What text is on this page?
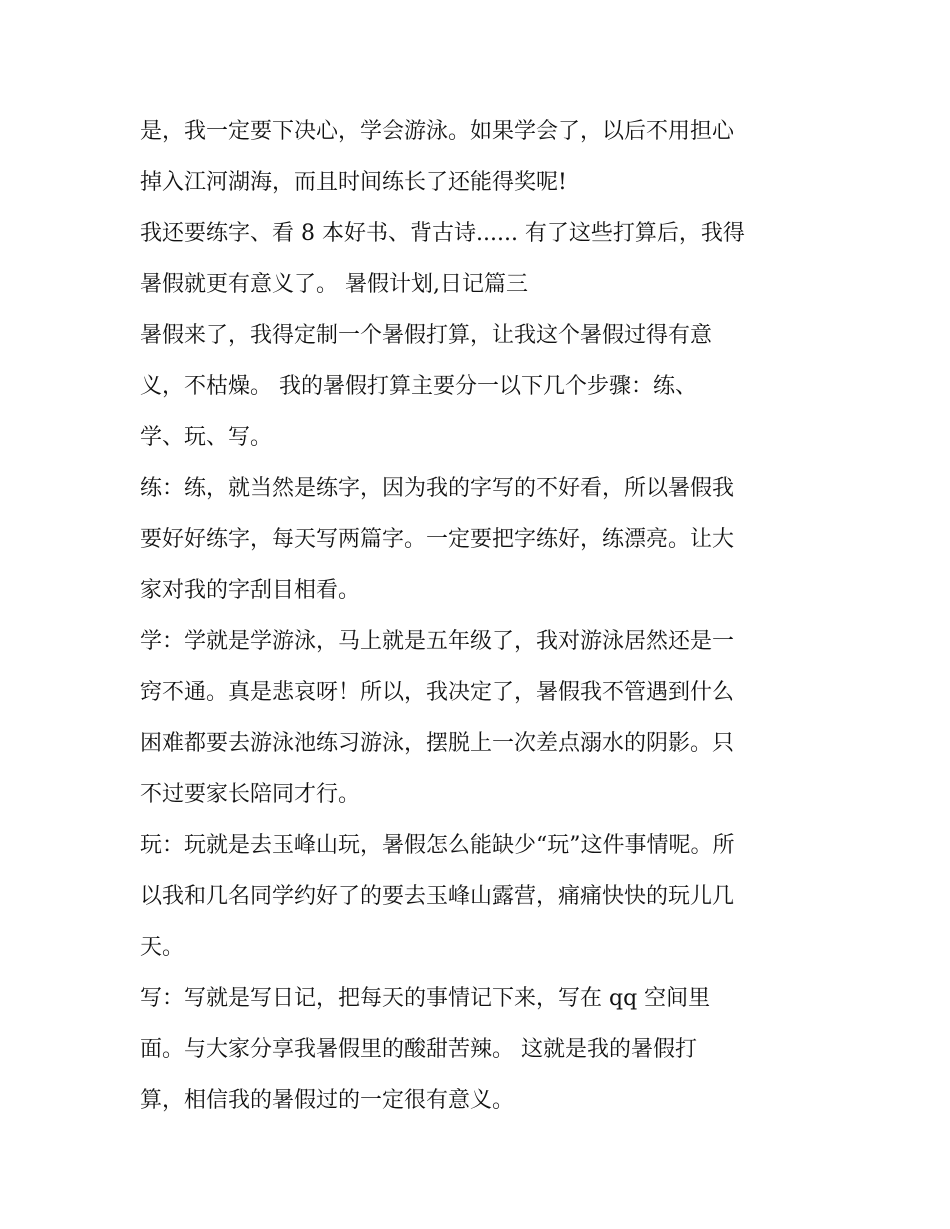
是，我一定要下决心，学会游泳。如果学会了，以后不用担心
掉入江河湖海，而且时间练长了还能得奖呢!
我还要练字、看 8 本好书、背古诗...... 有了这些打算后，我得
暑假就更有意义了。 暑假计划,日记篇三
暑假来了，我得定制一个暑假打算，让我这个暑假过得有意
义，不枯燥。 我的暑假打算主要分一以下几个步骤：练、
学、玩、写。
练：练，就当然是练字，因为我的字写的不好看，所以暑假我
要好好练字，每天写两篇字。一定要把字练好，练漂亮。让大
家对我的字刮目相看。
学：学就是学游泳，马上就是五年级了，我对游泳居然还是一
窍不通。真是悲哀呀！所以，我决定了，暑假我不管遇到什么
困难都要去游泳池练习游泳，摆脱上一次差点溺水的阴影。只
不过要家长陪同才行。
玩：玩就是去玉峰山玩，暑假怎么能缺少“玩”这件事情呢。所
以我和几名同学约好了的要去玉峰山露营，痛痛快快的玩儿几
天。
写：写就是写日记，把每天的事情记下来，写在 qq 空间里
面。与大家分享我暑假里的酸甜苦辣。 这就是我的暑假打
算，相信我的暑假过的一定很有意义。
